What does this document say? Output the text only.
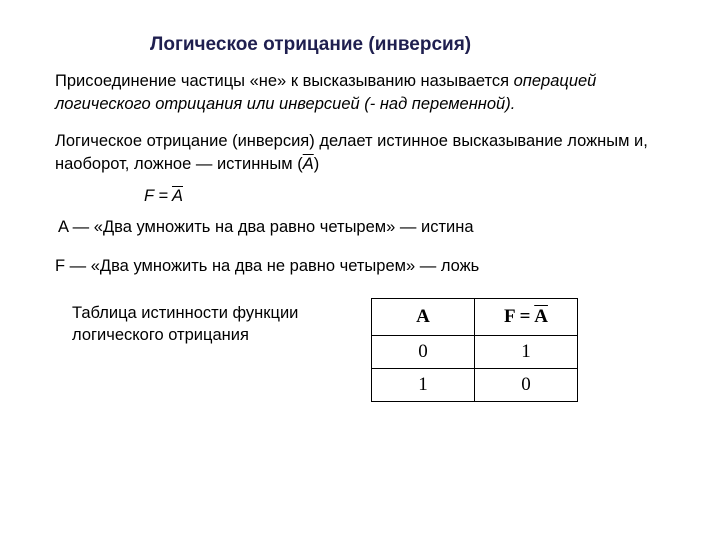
Логическое отрицание (инверсия)
Присоединение частицы «не» к высказыванию называется операцией логического отрицания или инверсией (- над переменной).
Логическое отрицание (инверсия) делает истинное высказывание ложным и, наоборот, ложное — истинным $(\overline{A})$
$F = \overline{A}$
A — «Два умножить на два равно четырем» — истина
F — «Два умножить на два не равно четырем» — ложь
Таблица истинности функции логического отрицания
A	$F = \overline{A}$
0	1
1	0
